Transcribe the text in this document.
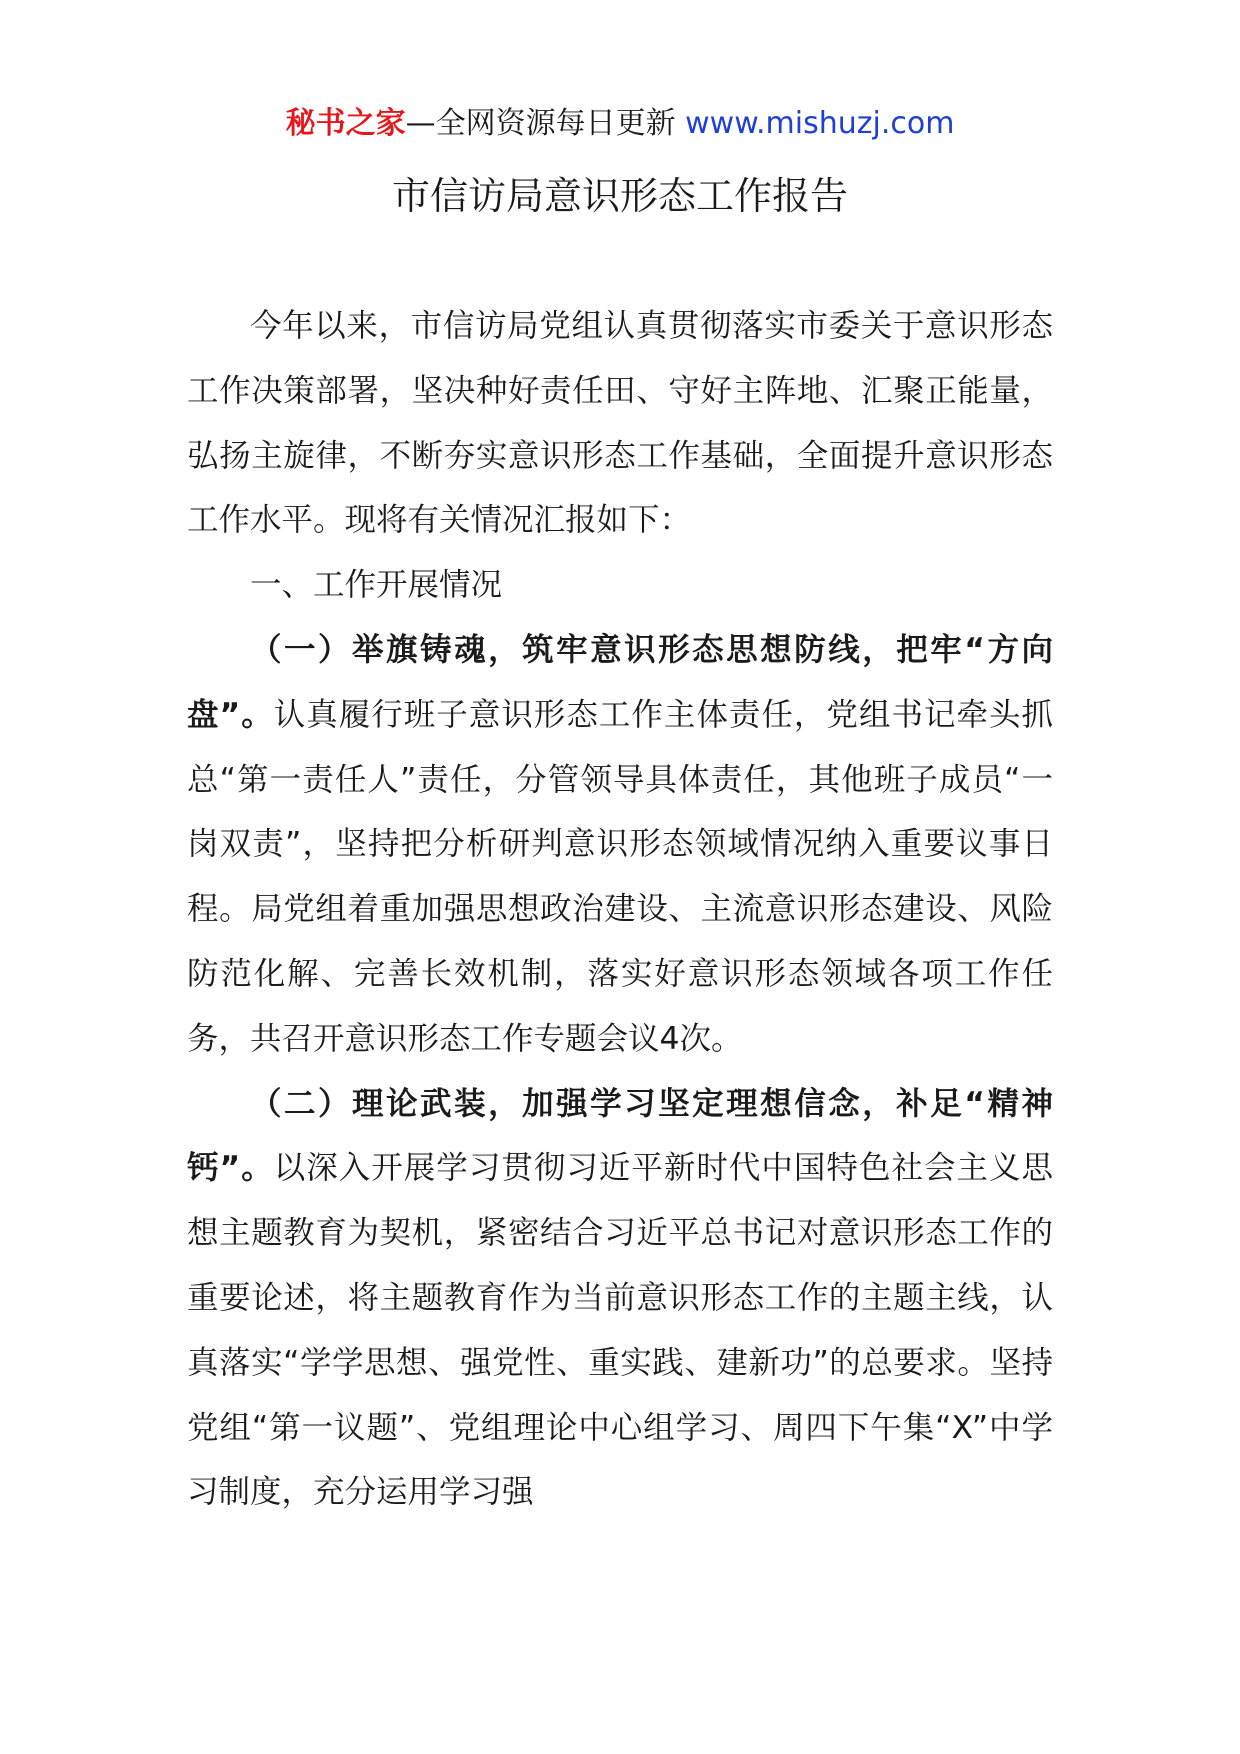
秘书之家—全网资源每日更新 www.mishuzj.com
市信访局意识形态工作报告

今年以来，市信访局党组认真贯彻落实市委关于意识形态工作决策部署，坚决种好责任田、守好主阵地、汇聚正能量，弘扬主旋律，不断夯实意识形态工作基础，全面提升意识形态工作水平。现将有关情况汇报如下：

一、工作开展情况

（一）举旗铸魂，筑牢意识形态思想防线，把牢“方向盘”。认真履行班子意识形态工作主体责任，党组书记牵头抓总“第一责任人”责任，分管领导具体责任，其他班子成员“一岗双责”，坚持把分析研判意识形态领域情况纳入重要议事日程。局党组着重加强思想政治建设、主流意识形态建设、风险防范化解、完善长效机制，落实好意识形态领域各项工作任务，共召开意识形态工作专题会议4次。

（二）理论武装，加强学习坚定理想信念，补足“精神钙”。以深入开展学习贯彻习近平新时代中国特色社会主义思想主题教育为契机，紧密结合习近平总书记对意识形态工作的重要论述，将主题教育作为当前意识形态工作的主题主线，认真落实“学学思想、强党性、重实践、建新功”的总要求。坚持党组“第一议题”、党组理论中心组学习、周四下午集“X”中学习制度，充分运用学习强
